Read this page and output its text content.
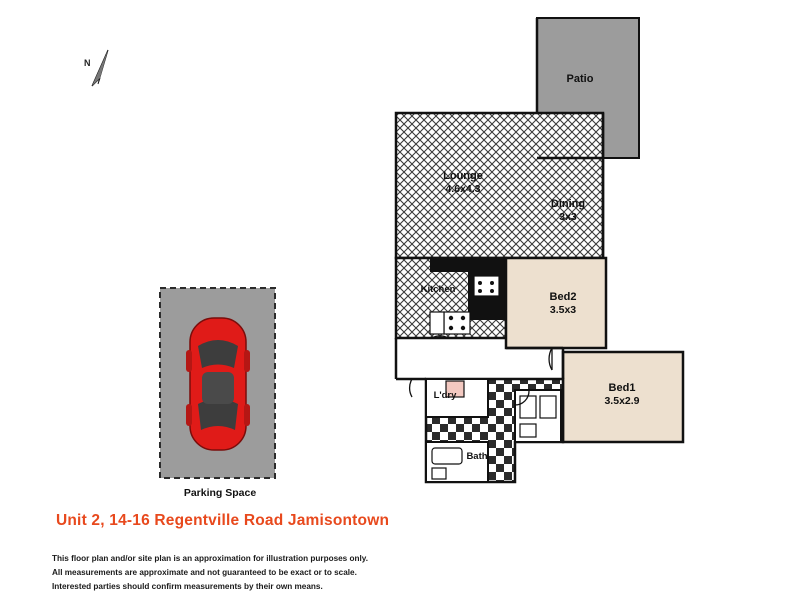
N
Lounge
4.6x4.3
Dining
3x3
Patio
Kitchen
Bed2
3.5x3
Bed1
3.5x2.9
L'dry
Bath
Parking Space
Unit 2, 14-16 Regentville Road Jamisontown
This floor plan and/or site plan is an approximation for illustration purposes only.
All measurements are approximate and not guaranteed to be exact or to scale.
Interested parties should confirm measurements by their own means.
